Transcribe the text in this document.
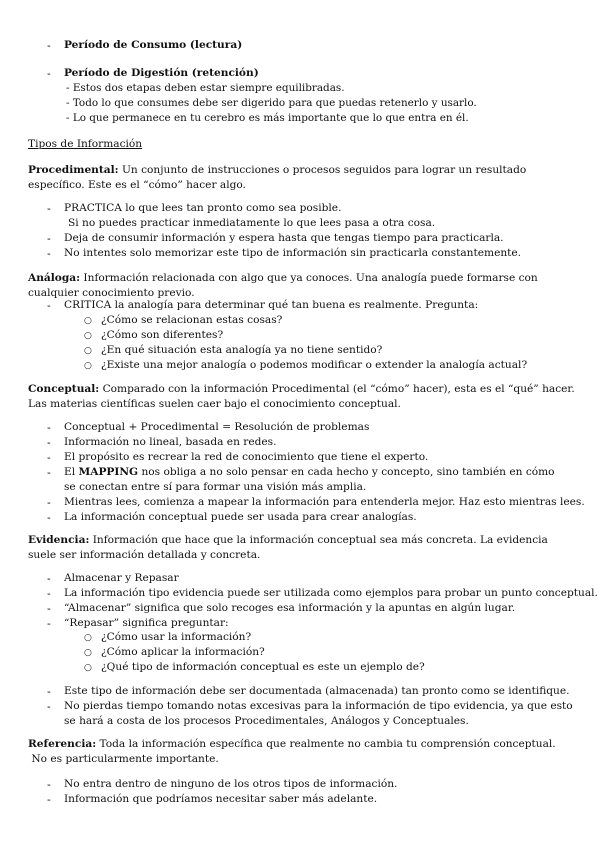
- Período de Consumo (lectura)
- Período de Digestión (retención)
- Estos dos etapas deben estar siempre equilibradas.
- Todo lo que consumes debe ser digerido para que puedas retenerlo y usarlo.
- Lo que permanece en tu cerebro es más importante que lo que entra en él.
Tipos de Información
Procedimental: Un conjunto de instrucciones o procesos seguidos para lograr un resultado específico. Este es el “cómo” hacer algo.
- PRACTICA lo que lees tan pronto como sea posible.
Si no puedes practicar inmediatamente lo que lees pasa a otra cosa.
- Deja de consumir información y espera hasta que tengas tiempo para practicarla.
- No intentes solo memorizar este tipo de información sin practicarla constantemente.
Análoga: Información relacionada con algo que ya conoces. Una analogía puede formarse con cualquier conocimiento previo.
- CRITICA la analogía para determinar qué tan buena es realmente. Pregunta:
○ ¿Cómo se relacionan estas cosas?
○ ¿Cómo son diferentes?
○ ¿En qué situación esta analogía ya no tiene sentido?
○ ¿Existe una mejor analogía o podemos modificar o extender la analogía actual?
Conceptual: Comparado con la información Procedimental (el “cómo” hacer), esta es el “qué” hacer. Las materias científicas suelen caer bajo el conocimiento conceptual.
- Conceptual + Procedimental = Resolución de problemas
- Información no lineal, basada en redes.
- El propósito es recrear la red de conocimiento que tiene el experto.
- El MAPPING nos obliga a no solo pensar en cada hecho y concepto, sino también en cómo se conectan entre sí para formar una visión más amplia.
- Mientras lees, comienza a mapear la información para entenderla mejor. Haz esto mientras lees.
- La información conceptual puede ser usada para crear analogías.
Evidencia: Información que hace que la información conceptual sea más concreta. La evidencia suele ser información detallada y concreta.
- Almacenar y Repasar
- La información tipo evidencia puede ser utilizada como ejemplos para probar un punto conceptual.
- “Almacenar” significa que solo recoges esa información y la apuntas en algún lugar.
- “Repasar” significa preguntar:
○ ¿Cómo usar la información?
○ ¿Cómo aplicar la información?
○ ¿Qué tipo de información conceptual es este un ejemplo de?
- Este tipo de información debe ser documentada (almacenada) tan pronto como se identifique.
- No pierdas tiempo tomando notas excesivas para la información de tipo evidencia, ya que esto se hará a costa de los procesos Procedimentales, Análogos y Conceptuales.
Referencia: Toda la información específica que realmente no cambia tu comprensión conceptual.
No es particularmente importante.
- No entra dentro de ninguno de los otros tipos de información.
- Información que podríamos necesitar saber más adelante.
